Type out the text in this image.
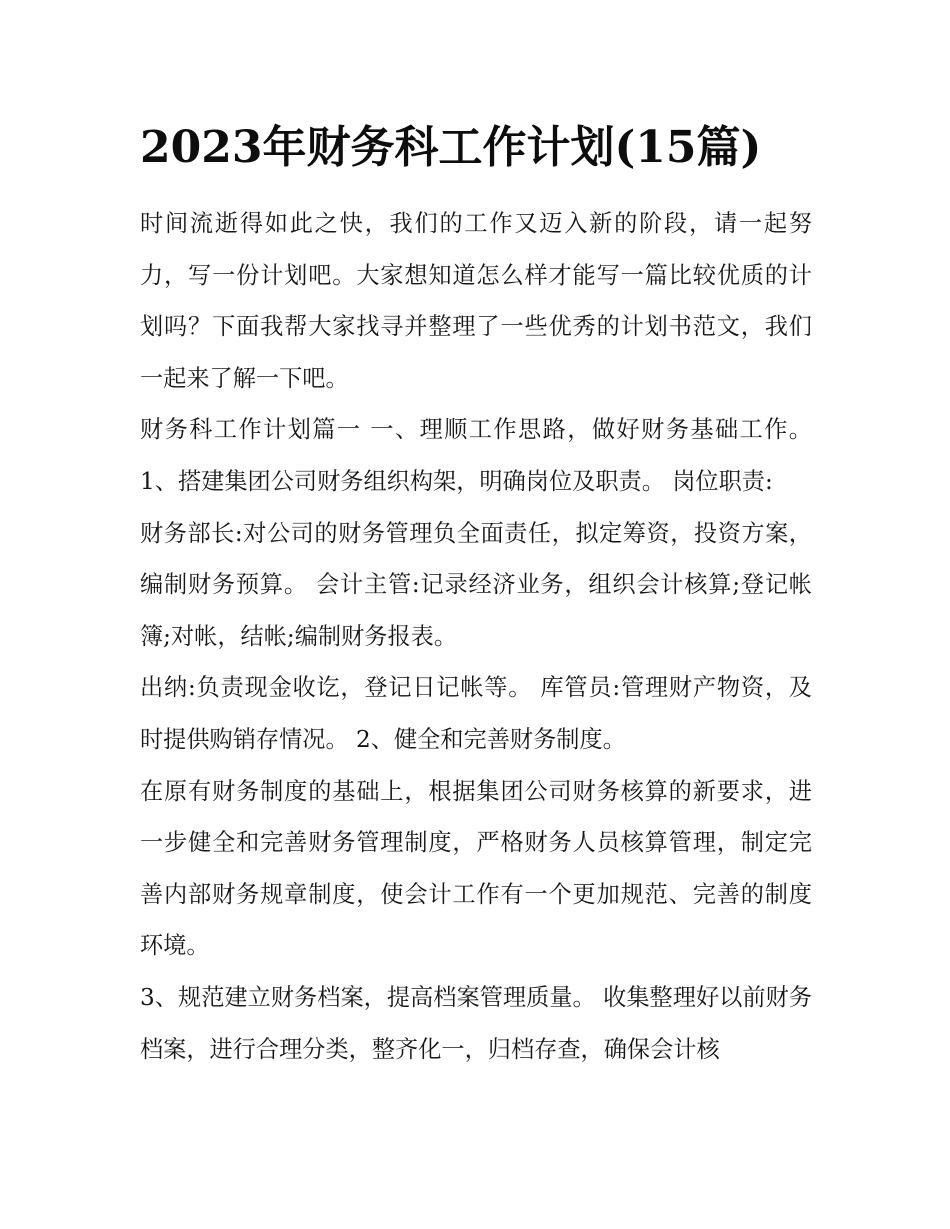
2023年财务科工作计划(15篇)

时间流逝得如此之快，我们的工作又迈入新的阶段，请一起努力，写一份计划吧。大家想知道怎么样才能写一篇比较优质的计划吗？下面我帮大家找寻并整理了一些优秀的计划书范文，我们一起来了解一下吧。

财务科工作计划篇一 一、理顺工作思路，做好财务基础工作。 1、搭建集团公司财务组织构架，明确岗位及职责。 岗位职责:

财务部长:对公司的财务管理负全面责任，拟定筹资，投资方案，编制财务预算。 会计主管:记录经济业务，组织会计核算;登记帐簿;对帐，结帐;编制财务报表。

出纳:负责现金收讫，登记日记帐等。 库管员:管理财产物资，及时提供购销存情况。 2、健全和完善财务制度。

在原有财务制度的基础上，根据集团公司财务核算的新要求，进一步健全和完善财务管理制度，严格财务人员核算管理，制定完善内部财务规章制度，使会计工作有一个更加规范、完善的制度环境。

3、规范建立财务档案，提高档案管理质量。 收集整理好以前财务档案，进行合理分类，整齐化一，归档存查，确保会计核
